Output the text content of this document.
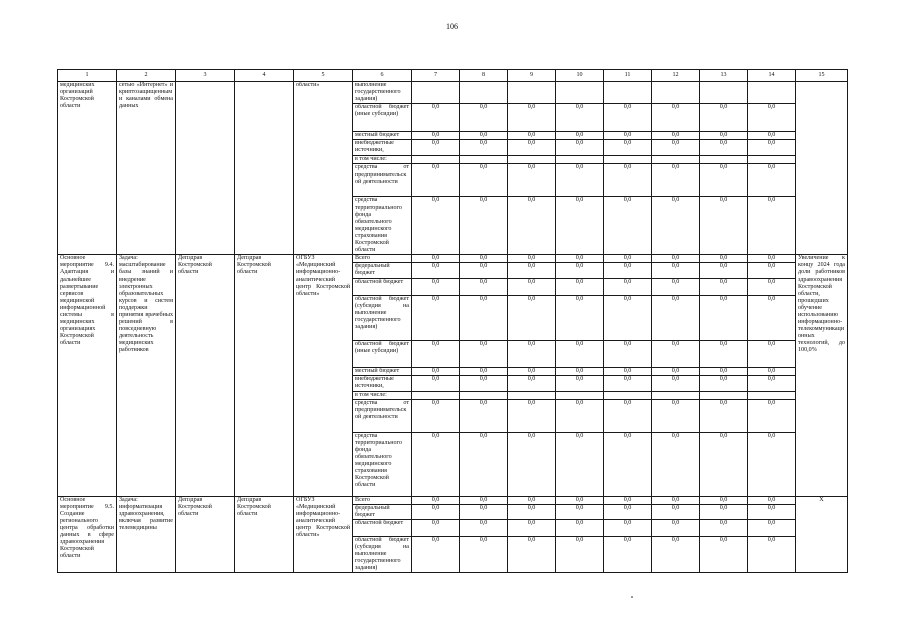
106
1	2	3	4	5	6	7	8	9	10	11	12	13	14	15
медицинских организаций Костромской области	сетью «Интернет» и криптозащищенными каналами обмена данных			области»	выполнение государственного задания)									
					областной бюджет (иные субсидии)	0,0	0,0	0,0	0,0	0,0	0,0	0,0	0,0	
					местный бюджет	0,0	0,0	0,0	0,0	0,0	0,0	0,0	0,0	
					внебюджетные источники,	0,0	0,0	0,0	0,0	0,0	0,0	0,0	0,0	
					в том числе:									
					средства от предпринимательской деятельности	0,0	0,0	0,0	0,0	0,0	0,0	0,0	0,0	
					средства территориального фонда обязательного медицинского страхования Костромской области	0,0	0,0	0,0	0,0	0,0	0,0	0,0	0,0	
Основное мероприятие 9.4. Адаптация и дальнейшее развертывание сервисов медицинской информационной системы в медицинских организациях Костромской области	Задача: масштабирование базы знаний и внедрение электронных образовательных курсов и систем поддержки принятия врачебных решений в повседневную деятельность медицинских работников	Депздрав Костромской области	Депздрав Костромской области	ОГБУЗ «Медицинский информационно-аналитический центр Костромской области»	Всего	0,0	0,0	0,0	0,0	0,0	0,0	0,0	0,0	Увеличение к концу 2024 года доли работников здравоохранения Костромской области, прошедших обучение использованию информационно-телекоммуникационных технологий, до 100,0%
					федеральный бюджет	0,0	0,0	0,0	0,0	0,0	0,0	0,0	0,0	
					областной бюджет	0,0	0,0	0,0	0,0	0,0	0,0	0,0	0,0	
					областной бюджет (субсидия на выполнение государственного задания)	0,0	0,0	0,0	0,0	0,0	0,0	0,0	0,0	
					областной бюджет (иные субсидии)	0,0	0,0	0,0	0,0	0,0	0,0	0,0	0,0	
					местный бюджет	0,0	0,0	0,0	0,0	0,0	0,0	0,0	0,0	
					внебюджетные источники,	0,0	0,0	0,0	0,0	0,0	0,0	0,0	0,0	
					в том числе:									
					средства от предпринимательской деятельности	0,0	0,0	0,0	0,0	0,0	0,0	0,0	0,0	
					средства территориального фонда обязательного медицинского страхования Костромской области	0,0	0,0	0,0	0,0	0,0	0,0	0,0	0,0	
Основное мероприятие 9.5. Создание регионального центра обработки данных в сфере здравоохранения Костромской области	Задача: информатизация здравоохранения, включая развитие телемедицины	Депздрав Костромской области	Депздрав Костромской области	ОГБУЗ «Медицинский информационно-аналитический центр Костромской области»	Всего	0,0	0,0	0,0	0,0	0,0	0,0	0,0	0,0	X
					федеральный бюджет	0,0	0,0	0,0	0,0	0,0	0,0	0,0	0,0	
					областной бюджет	0,0	0,0	0,0	0,0	0,0	0,0	0,0	0,0	
					областной бюджет (субсидия на выполнение государственного задания)	0,0	0,0	0,0	0,0	0,0	0,0	0,0	0,0	
